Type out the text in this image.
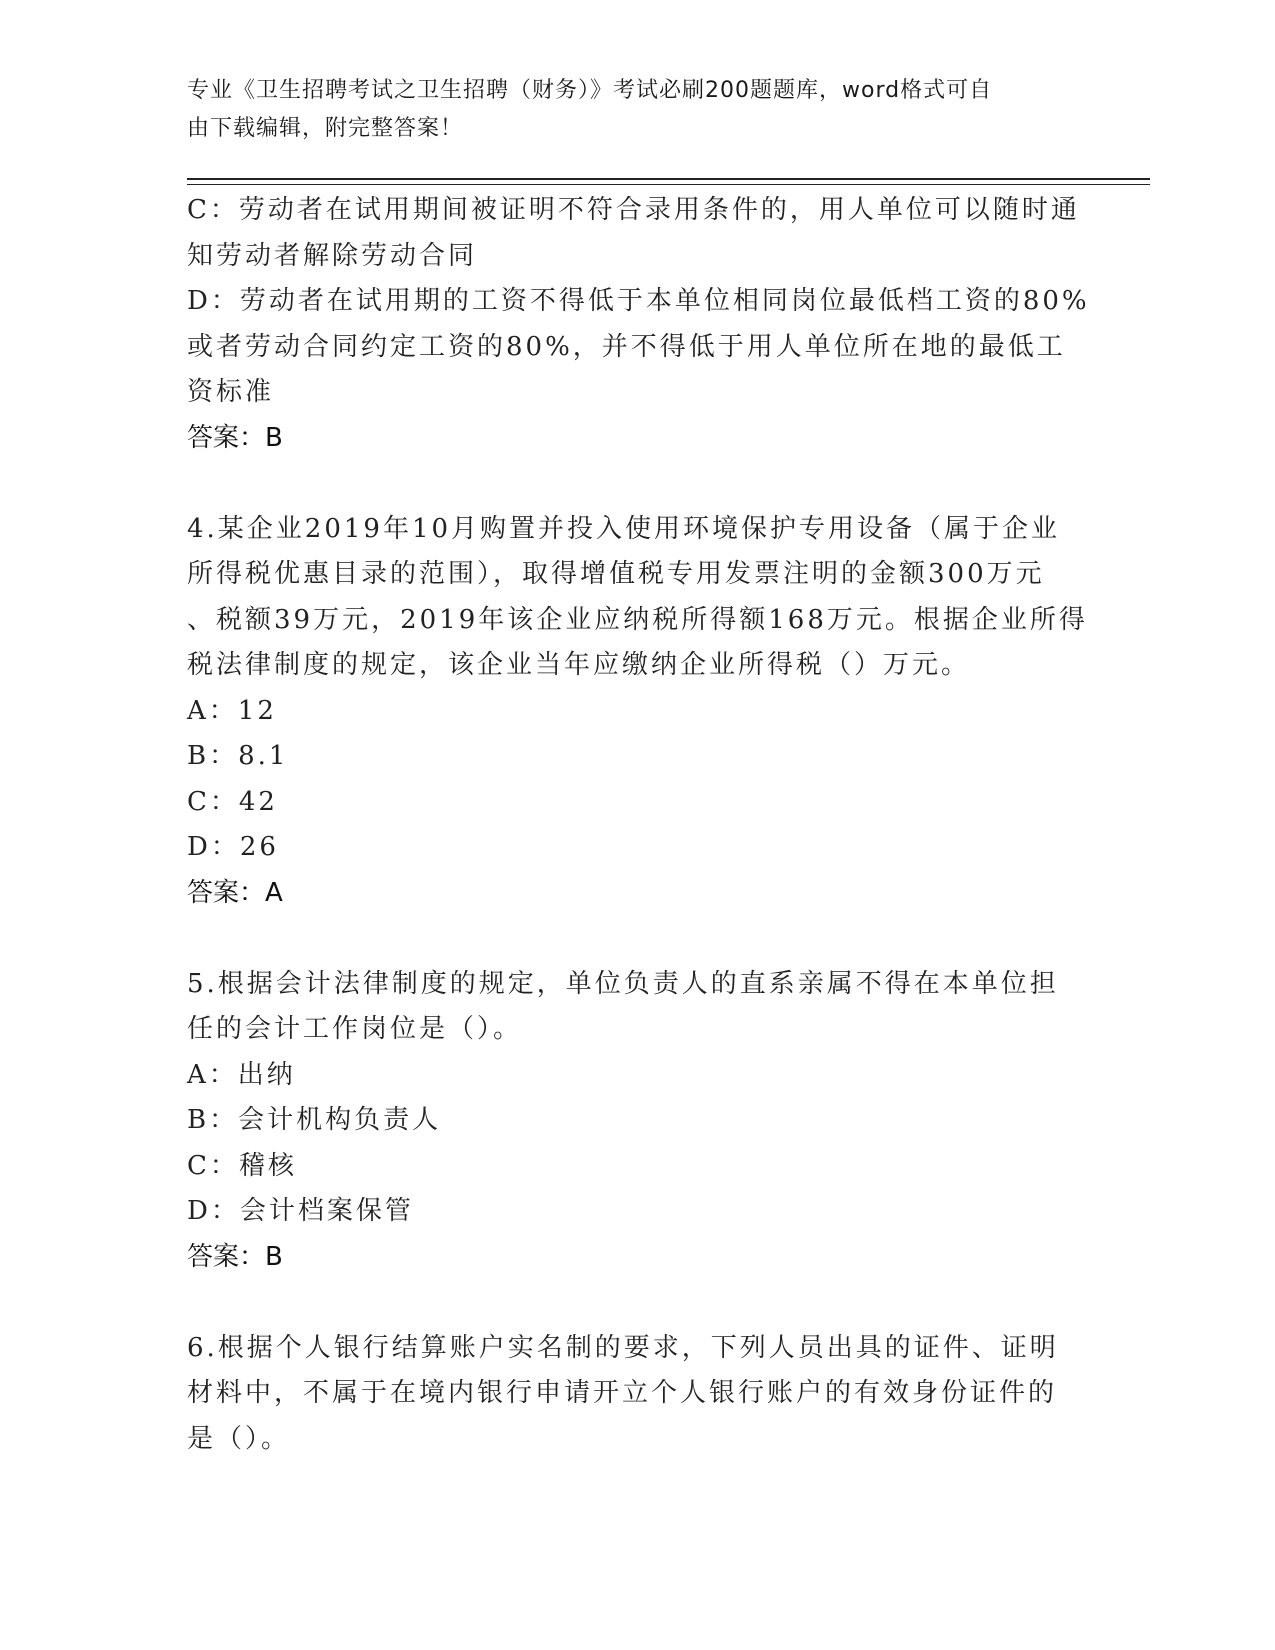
专业《卫生招聘考试之卫生招聘（财务）》考试必刷200题题库，word格式可自
由下载编辑，附完整答案！
C：劳动者在试用期间被证明不符合录用条件的，用人单位可以随时通
知劳动者解除劳动合同
D：劳动者在试用期的工资不得低于本单位相同岗位最低档工资的80%
或者劳动合同约定工资的80%，并不得低于用人单位所在地的最低工
资标准
答案：B
4.某企业2019年10月购置并投入使用环境保护专用设备（属于企业
所得税优惠目录的范围），取得增值税专用发票注明的金额300万元
、税额39万元，2019年该企业应纳税所得额168万元。根据企业所得
税法律制度的规定，该企业当年应缴纳企业所得税（）万元。
A：12
B：8.1
C：42
D：26
答案：A
5.根据会计法律制度的规定，单位负责人的直系亲属不得在本单位担
任的会计工作岗位是（）。
A：出纳
B：会计机构负责人
C：稽核
D：会计档案保管
答案：B
6.根据个人银行结算账户实名制的要求，下列人员出具的证件、证明
材料中，不属于在境内银行申请开立个人银行账户的有效身份证件的
是（）。
